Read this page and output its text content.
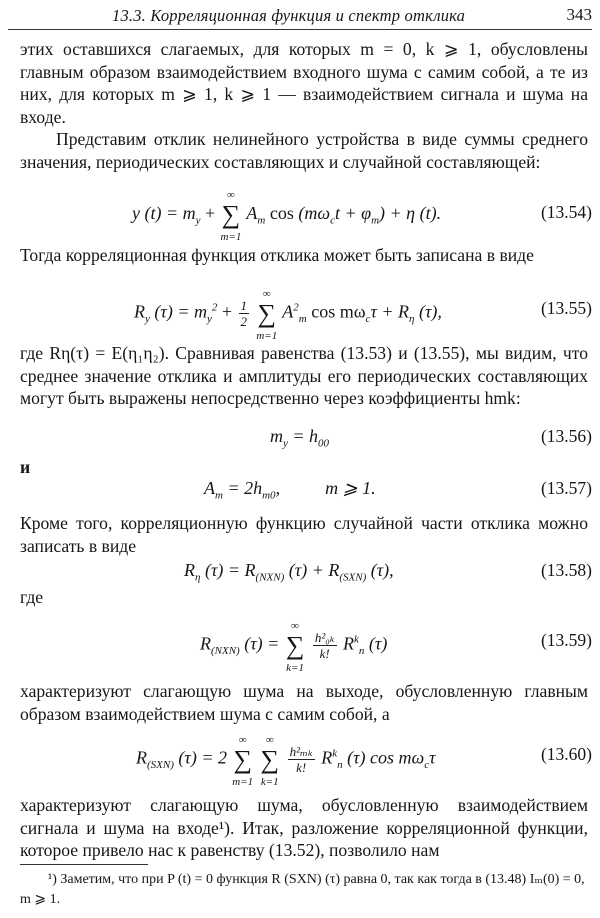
13.3. Корреляционная функция и спектр отклика	343

этих оставшихся слагаемых, для которых m = 0, k ⩾ 1, обусловлены главным образом взаимодействием входного шума с самим собой, а те из них, для которых m ⩾ 1, k ⩾ 1 — взаимодействием сигнала и шума на входе.

Представим отклик нелинейного устройства в виде суммы среднего значения, периодических составляющих и случайной составляющей:

y $(t) = m_y$ +
∞
∑
m=1
$A_m$ $\cos (m\omega_ct + \varphi_m) + \eta$ (t).	(13.54)

Тогда корреляционная функция отклика может быть записана в виде

$R_y$ $(\tau) = m_y^2 + \frac{1}{2}$

∞
∑
m=1
$A^2_m$ $\cos m\omega_c\tau + R_\eta$ (τ),	(13.55)

где Rη(τ) = E(η₁η₂). Сравнивая равенства (13.53) и (13.55), мы видим, что среднее значение отклика и амплитуды его периодических составляющих могут быть выражены непосредственно через коэффициенты hmk:

$m_y = h_{00}$	(13.56)

и

$A_m = 2h_{m0}$,          m ⩾ 1.	(13.57)

Кроме того, корреляционную функцию случайной части отклика можно записать в виде

$R_\eta$ $(\tau) = R_{(NXN)}$ $(\tau) + R_{(SXN)}$ (τ),	(13.58)

где

$R_{(NXN)}$ (τ) =
∞
∑
k=1

$\frac{\text{h²₀ₖ}}{k!} R^k_n$ (τ)	(13.59)

характеризуют слагающую шума на выходе, обусловленную главным образом взаимодействием шума с самим собой, а

$R_{(SXN)}$ (τ) = 2
∞
∑
m=1

∞
∑
k=1

$\frac{\text{h²ₘₖ}}{k!} R^k_n$ (τ) $\cos m\omega_c\tau$	(13.60)

характеризуют слагающую шума, обусловленную взаимодействием сигнала и шума на входе¹). Итак, разложение корреляционной функции, которое привело нас к равенству (13.52), позволило нам

¹) Заметим, что при P (t) = 0 функция R (SXN) (τ) равна 0, так как тогда в (13.48) Iₘ(0) = 0, m ⩾ 1.
